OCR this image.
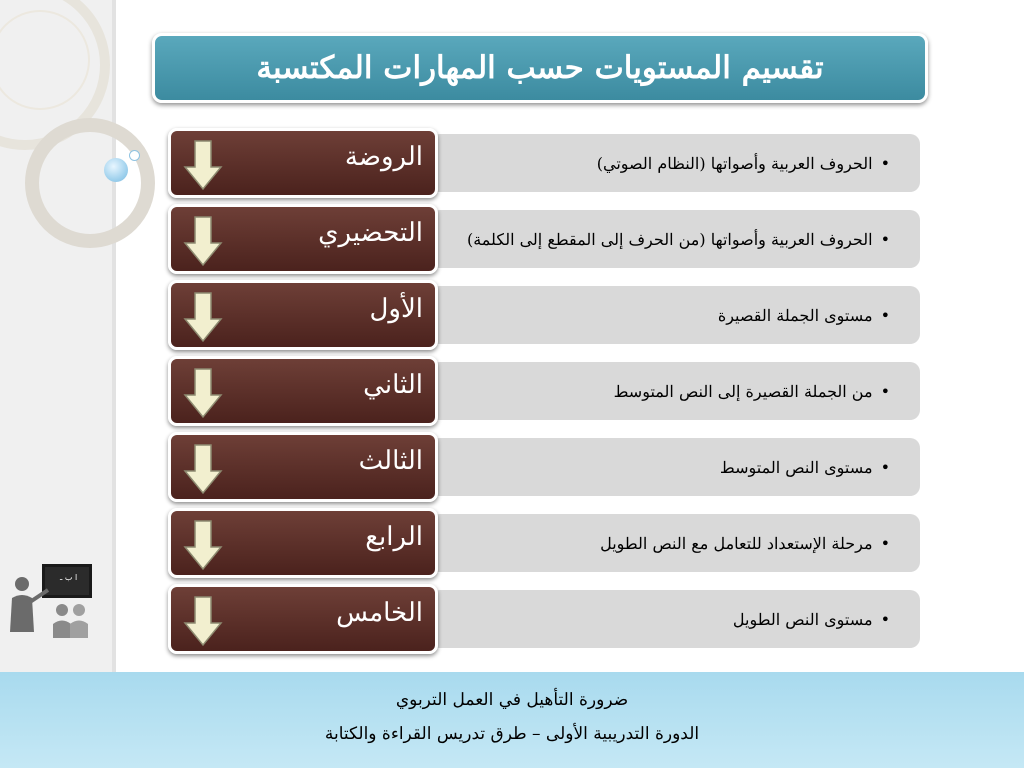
تقسيم المستويات حسب المهارات المكتسبة
الحروف العربية وأصواتها (النظام الصوتي) •
الروضة
الحروف العربية وأصواتها (من الحرف إلى المقطع إلى الكلمة) •
التحضيري
مستوى الجملة القصيرة •
الأول
من الجملة القصيرة إلى النص المتوسط •
الثاني
مستوى النص المتوسط •
الثالث
مرحلة الإستعداد للتعامل مع النص الطويل •
الرابع
مستوى النص الطويل •
الخامس
ا ب ـ
ضرورة التأهيل في العمل التربوي
الدورة التدريبية الأولى – طرق تدريس القراءة والكتابة
